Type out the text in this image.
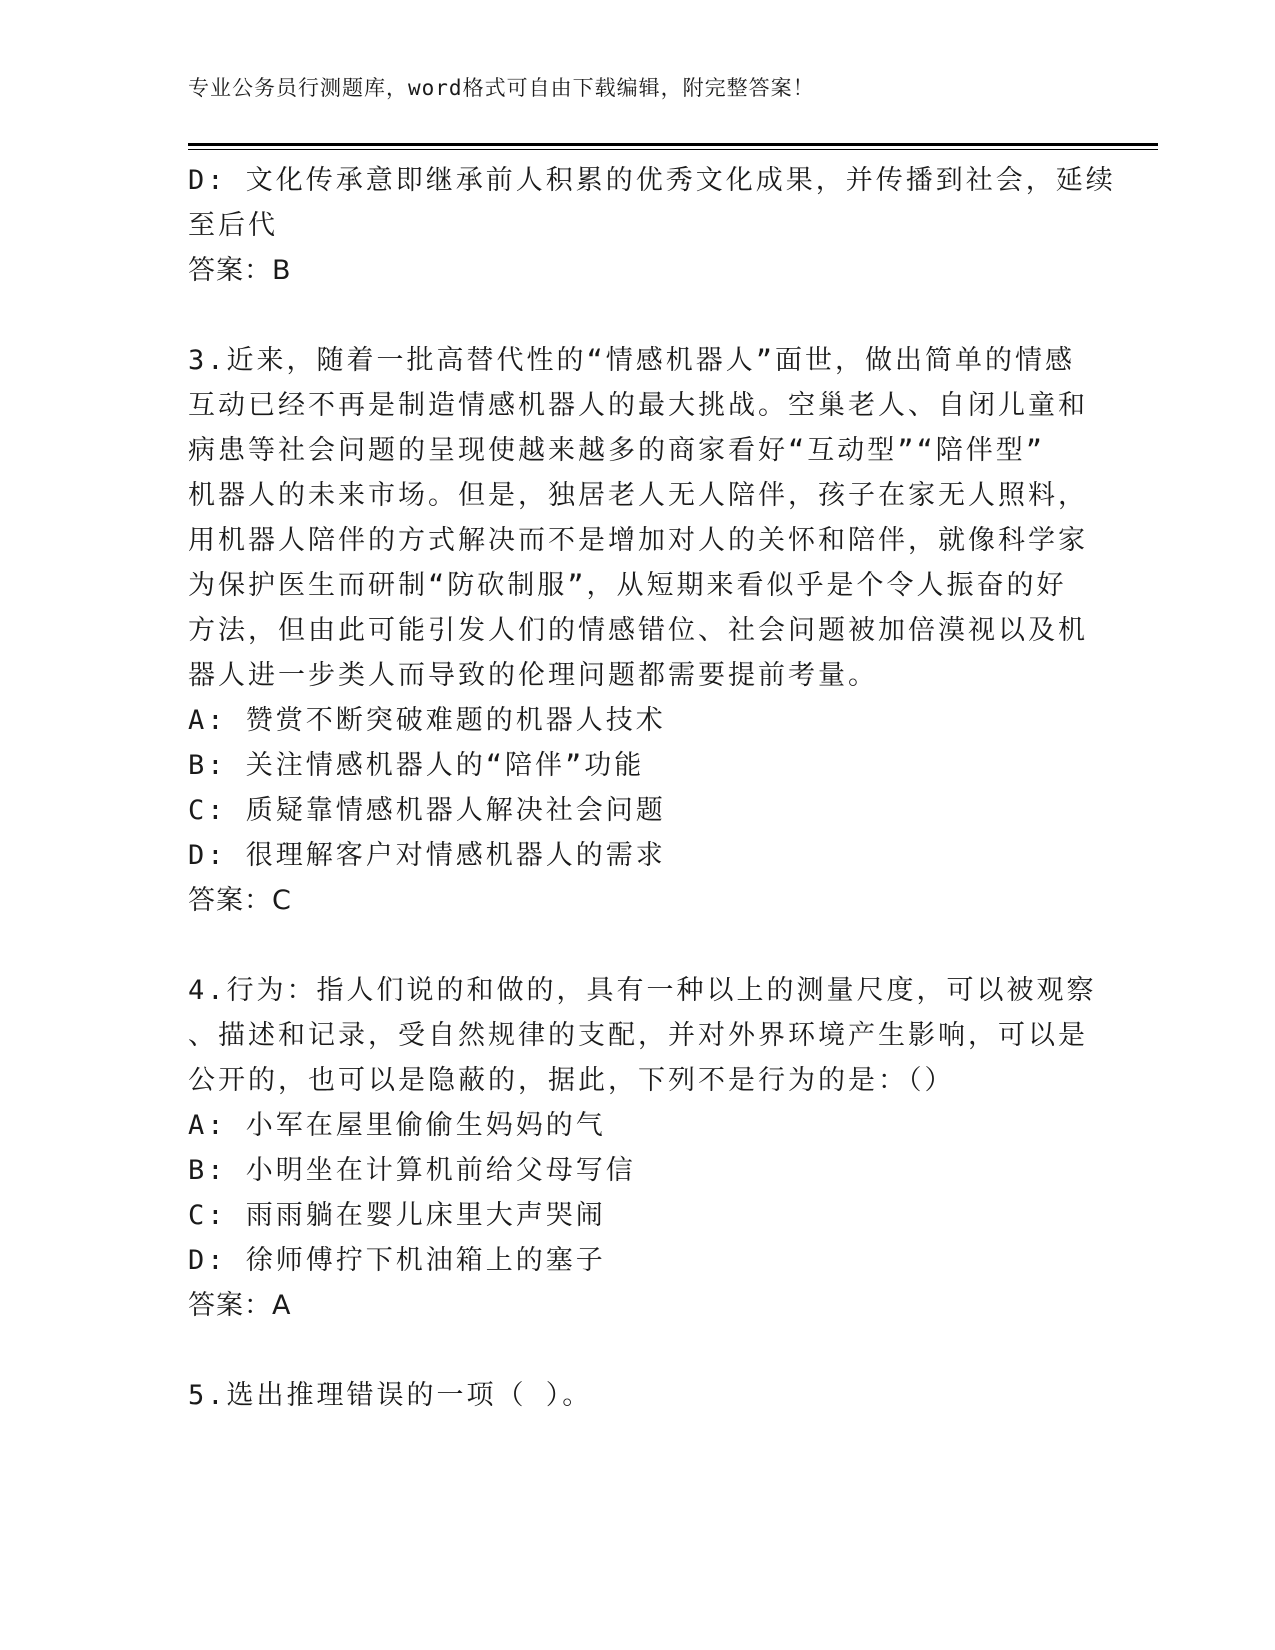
专业公务员行测题库，word格式可自由下载编辑，附完整答案！
D: 文化传承意即继承前人积累的优秀文化成果，并传播到社会，延续
至后代
答案：B
3.近来，随着一批高替代性的“情感机器人”面世，做出简单的情感
互动已经不再是制造情感机器人的最大挑战。空巢老人、自闭儿童和
病患等社会问题的呈现使越来越多的商家看好“互动型”“陪伴型”
机器人的未来市场。但是，独居老人无人陪伴，孩子在家无人照料，
用机器人陪伴的方式解决而不是增加对人的关怀和陪伴，就像科学家
为保护医生而研制“防砍制服”，从短期来看似乎是个令人振奋的好
方法，但由此可能引发人们的情感错位、社会问题被加倍漠视以及机
器人进一步类人而导致的伦理问题都需要提前考量。
A: 赞赏不断突破难题的机器人技术
B: 关注情感机器人的“陪伴”功能
C: 质疑靠情感机器人解决社会问题
D: 很理解客户对情感机器人的需求
答案：C
4.行为：指人们说的和做的，具有一种以上的测量尺度，可以被观察
、描述和记录，受自然规律的支配，并对外界环境产生影响，可以是
公开的，也可以是隐蔽的，据此，下列不是行为的是：（）
A: 小军在屋里偷偷生妈妈的气
B: 小明坐在计算机前给父母写信
C: 雨雨躺在婴儿床里大声哭闹
D: 徐师傅拧下机油箱上的塞子
答案：A
5.选出推理错误的一项（ ）。
